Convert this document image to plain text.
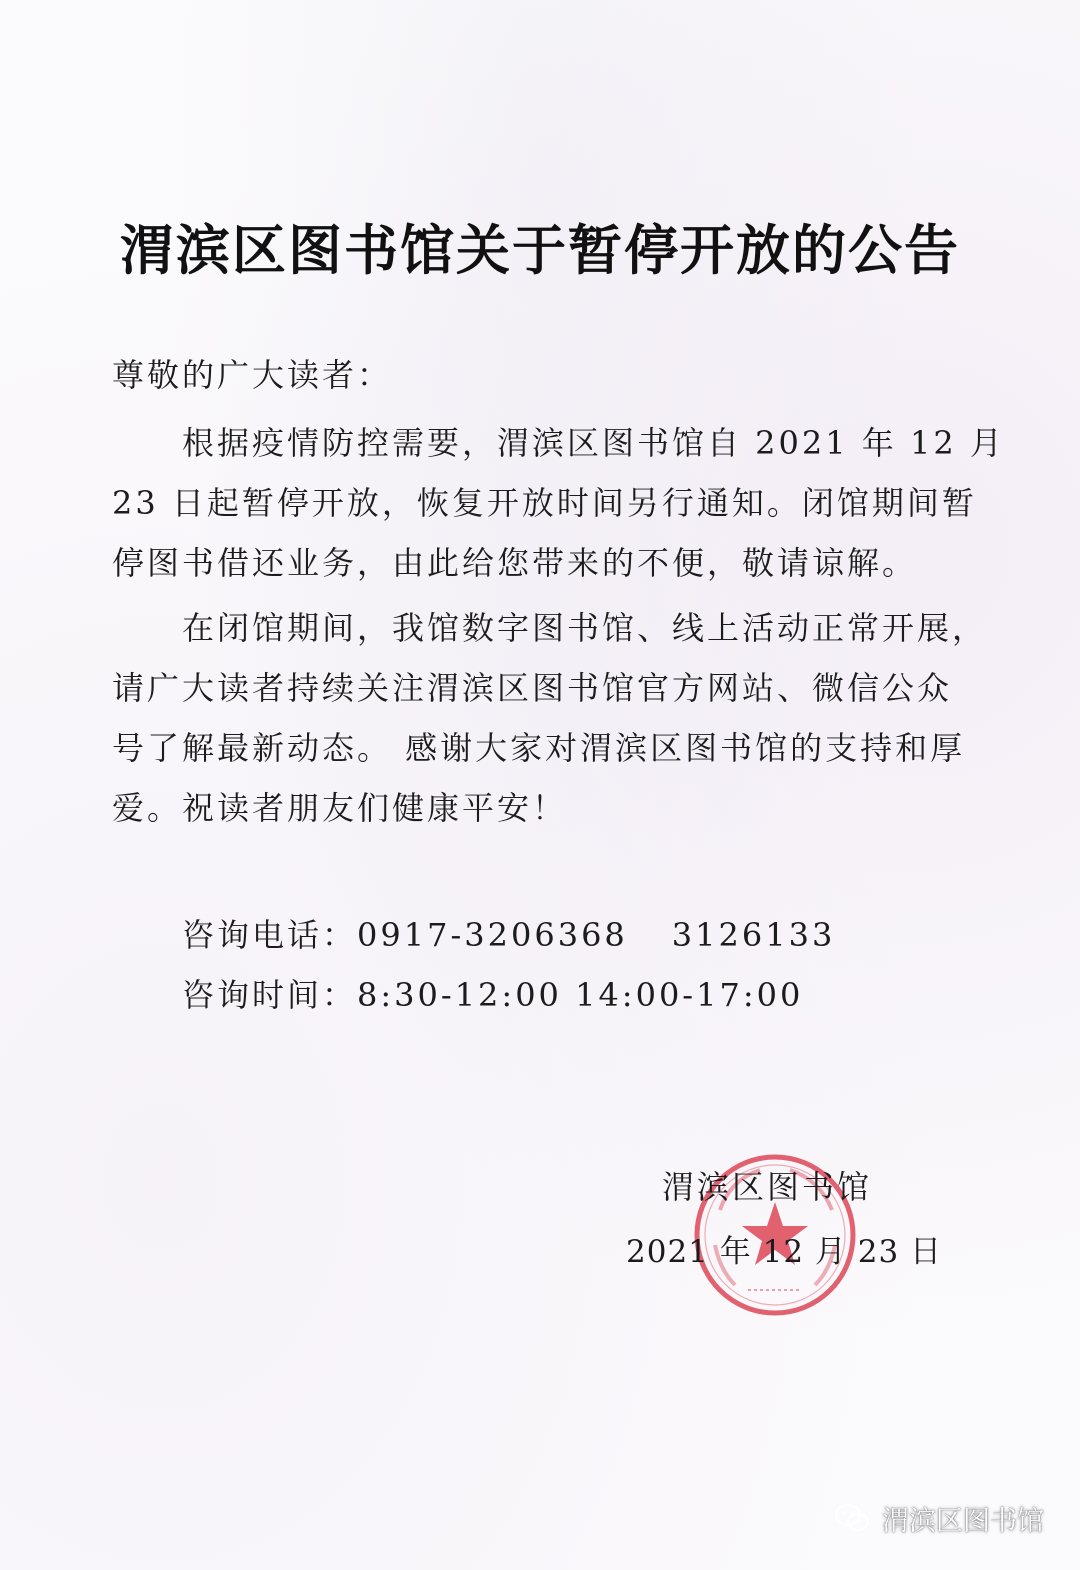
渭滨区图书馆关于暂停开放的公告
尊敬的广大读者：
根据疫情防控需要，渭滨区图书馆自 2021 年 12 月
23 日起暂停开放，恢复开放时间另行通知。闭馆期间暂
停图书借还业务，由此给您带来的不便，敬请谅解。
在闭馆期间，我馆数字图书馆、线上活动正常开展，
请广大读者持续关注渭滨区图书馆官方网站、微信公众
号了解最新动态。 感谢大家对渭滨区图书馆的支持和厚
爱。祝读者朋友们健康平安！
咨询电话：0917-3206368 3126133
咨询时间：8:30-12:00 14:00-17:00
渭滨区图书馆
2021 年 12 月 23 日
渭滨区图书馆
